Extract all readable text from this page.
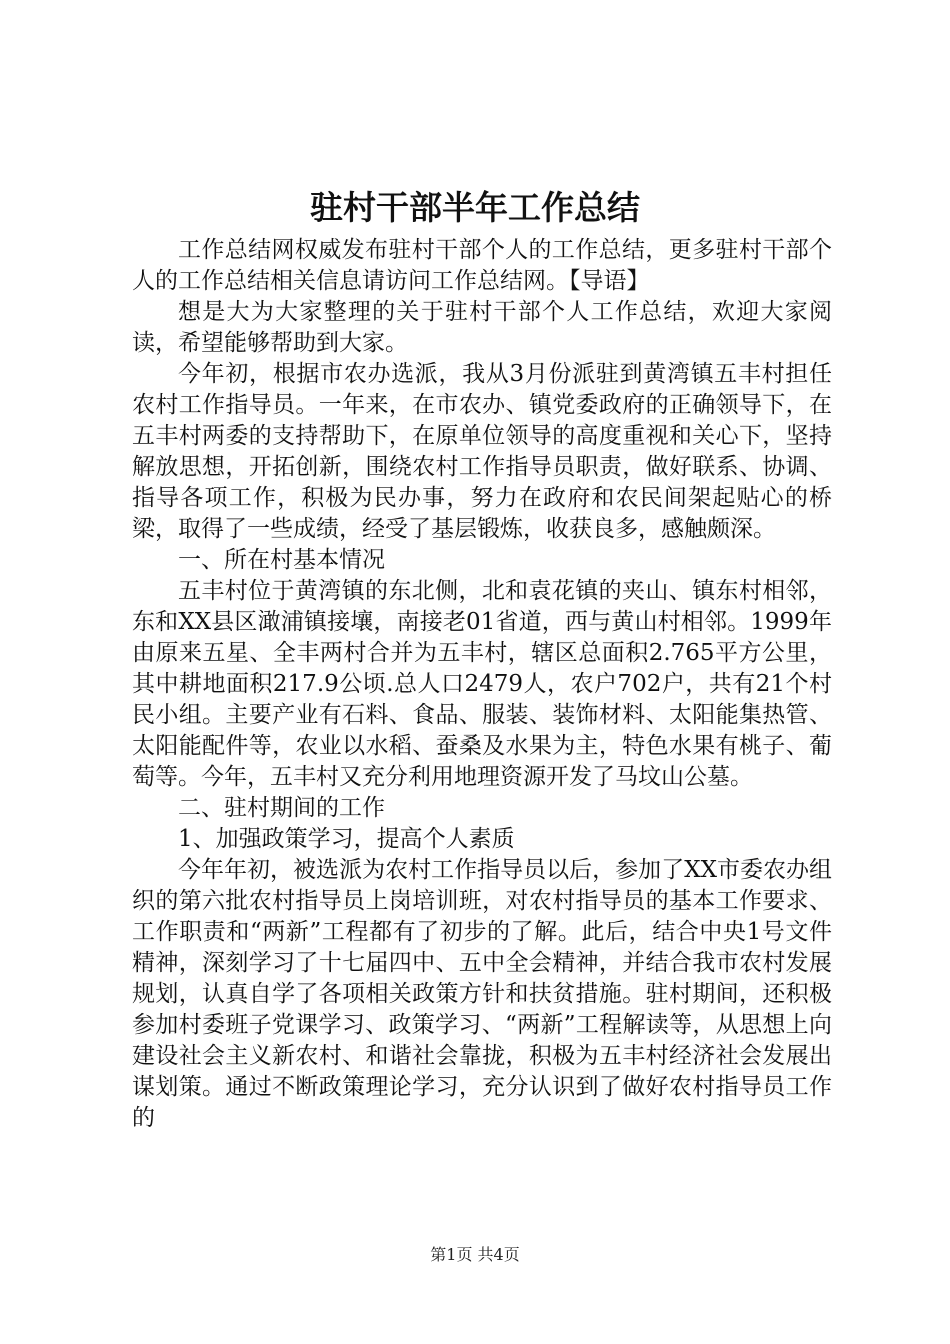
驻村干部半年工作总结

工作总结网权威发布驻村干部个人的工作总结，更多驻村干部个人的工作总结相关信息请访问工作总结网。【导语】

想是大为大家整理的关于驻村干部个人工作总结，欢迎大家阅读，希望能够帮助到大家。

今年初，根据市农办选派，我从3月份派驻到黄湾镇五丰村担任农村工作指导员。一年来，在市农办、镇党委政府的正确领导下，在五丰村两委的支持帮助下，在原单位领导的高度重视和关心下，坚持解放思想，开拓创新，围绕农村工作指导员职责，做好联系、协调、指导各项工作，积极为民办事，努力在政府和农民间架起贴心的桥梁，取得了一些成绩，经受了基层锻炼，收获良多，感触颇深。

一、所在村基本情况

五丰村位于黄湾镇的东北侧，北和袁花镇的夹山、镇东村相邻，东和XX县区澉浦镇接壤，南接老01省道，西与黄山村相邻。1999年由原来五星、全丰两村合并为五丰村，辖区总面积2.765平方公里，其中耕地面积217.9公顷.总人口2479人，农户702户，共有21个村民小组。主要产业有石料、食品、服装、装饰材料、太阳能集热管、太阳能配件等，农业以水稻、蚕桑及水果为主，特色水果有桃子、葡萄等。今年，五丰村又充分利用地理资源开发了马坟山公墓。

二、驻村期间的工作

1、加强政策学习，提高个人素质

今年年初，被选派为农村工作指导员以后，参加了XX市委农办组织的第六批农村指导员上岗培训班，对农村指导员的基本工作要求、工作职责和“两新”工程都有了初步的了解。此后，结合中央1号文件精神，深刻学习了十七届四中、五中全会精神，并结合我市农村发展规划，认真自学了各项相关政策方针和扶贫措施。驻村期间，还积极参加村委班子党课学习、政策学习、“两新”工程解读等，从思想上向建设社会主义新农村、和谐社会靠拢，积极为五丰村经济社会发展出谋划策。通过不断政策理论学习，充分认识到了做好农村指导员工作的

第1页 共4页
